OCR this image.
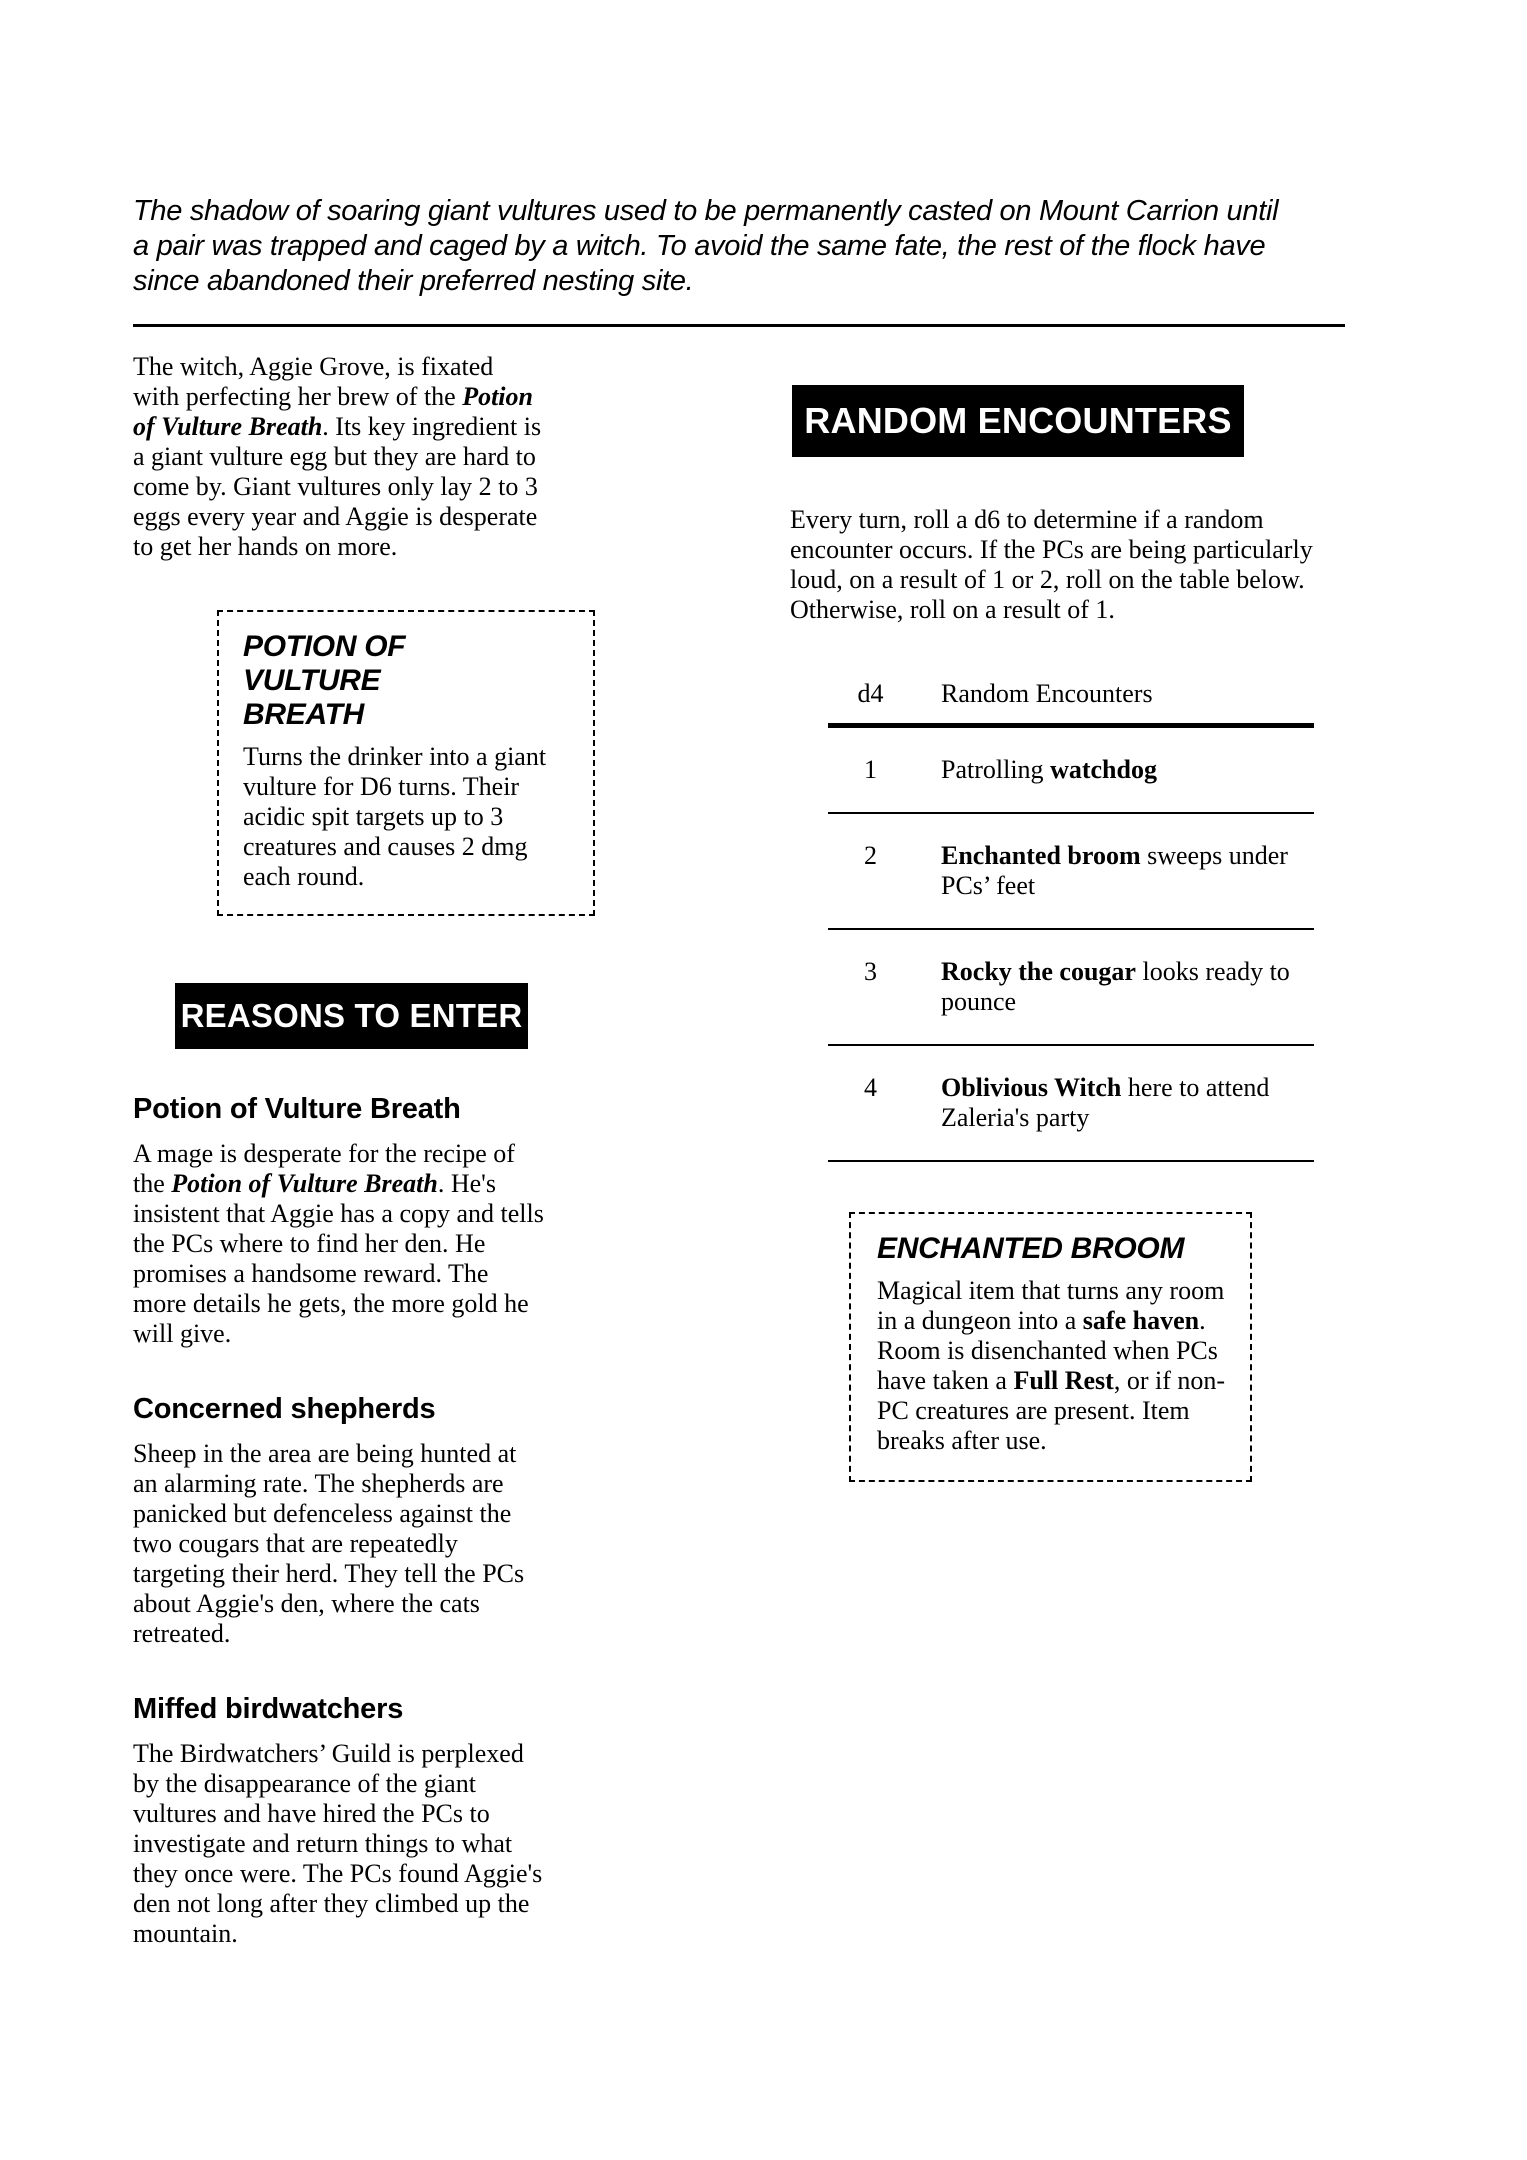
The shadow of soaring giant vultures used to be permanently casted on Mount Carrion until a pair was trapped and caged by a witch. To avoid the same fate, the rest of the flock have since abandoned their preferred nesting site.

The witch, Aggie Grove, is fixated with perfecting her brew of the Potion of Vulture Breath. Its key ingredient is a giant vulture egg but they are hard to come by. Giant vultures only lay 2 to 3 eggs every year and Aggie is desperate to get her hands on more.

POTION OF VULTURE BREATH

Turns the drinker into a giant vulture for D6 turns. Their acidic spit targets up to 3 creatures and causes 2 dmg each round.

REASONS TO ENTER
Potion of Vulture Breath

A mage is desperate for the recipe of the Potion of Vulture Breath. He's insistent that Aggie has a copy and tells the PCs where to find her den. He promises a handsome reward. The more details he gets, the more gold he will give.

Concerned shepherds

Sheep in the area are being hunted at an alarming rate. The shepherds are panicked but defenceless against the two cougars that are repeatedly targeting their herd. They tell the PCs about Aggie's den, where the cats retreated.

Miffed birdwatchers

The Birdwatchers’ Guild is perplexed by the disappearance of the giant vultures and have hired the PCs to investigate and return things to what they once were. The PCs found Aggie's den not long after they climbed up the mountain.

RANDOM ENCOUNTERS

Every turn, roll a d6 to determine if a random encounter occurs. If the PCs are being particularly loud, on a result of 1 or 2, roll on the table below. Otherwise, roll on a result of 1.

d4	Random Encounters
1	Patrolling watchdog
2	Enchanted broom sweeps under PCs’ feet
3	Rocky the cougar looks ready to pounce
4	Oblivious Witch here to attend Zaleria's party
ENCHANTED BROOM

Magical item that turns any room in a dungeon into a safe haven. Room is disenchanted when PCs have taken a Full Rest, or if non-PC creatures are present. Item breaks after use.
